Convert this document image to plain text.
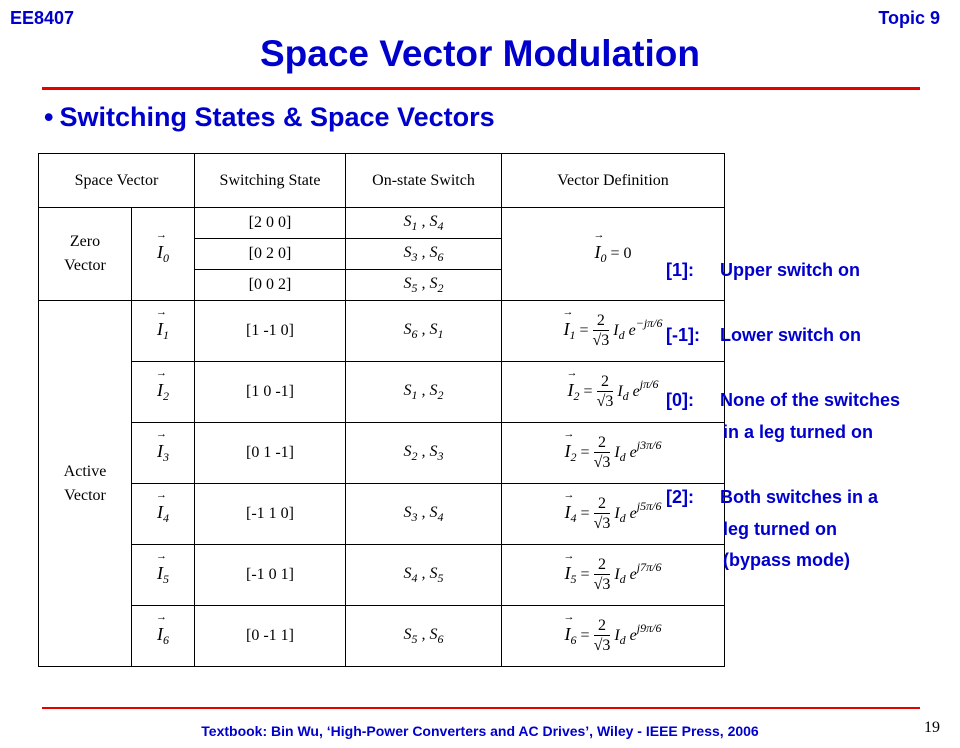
EE8407	Topic 9
Space Vector Modulation
• Switching States & Space Vectors
Space Vector		Switching State	On-state Switch	Vector Definition
Zero
Vector	→ $I_0$	[2 0 0]	$S_1$ , $S_4$	→ $I_0 = 0$
		[0 2 0]	$S_3$ , $S_6$
		[0 0 2]	$S_5$ , $S_2$
Active
Vector	→ $I_1$	[1 -1 0]	$S_6$ , $S_1$	→ $I_1 = \frac{2}{√3} I_d$ $e^{-j\pi/6}$
	→ $I_2$	[1 0 -1]	$S_1$ , $S_2$	→ $I_2 = \frac{2}{√3} I_d$ $e^{j\pi/6}$
	→ $I_3$	[0 1 -1]	$S_2$ , $S_3$	→ $I_2 = \frac{2}{√3} I_d$ $e^{j3\pi/6}$
	→ $I_4$	[-1 1 0]	$S_3$ , $S_4$	→ $I_4 = \frac{2}{√3} I_d$ $e^{j5\pi/6}$
	→ $I_5$	[-1 0 1]	$S_4$ , $S_5$	→ $I_5 = \frac{2}{√3} I_d$ $e^{j7\pi/6}$
	→ $I_6$	[0 -1 1]	$S_5$ , $S_6$	→ $I_6 = \frac{2}{√3} I_d$ $e^{j9\pi/6}$
[1]: Upper switch on
[-1]: Lower switch on
[0]: None of the switches
in a leg turned on
[2]: Both switches in a
leg turned on
(bypass mode)
Textbook: Bin Wu, ‘High-Power Converters and AC Drives’, Wiley - IEEE Press, 2006	19
